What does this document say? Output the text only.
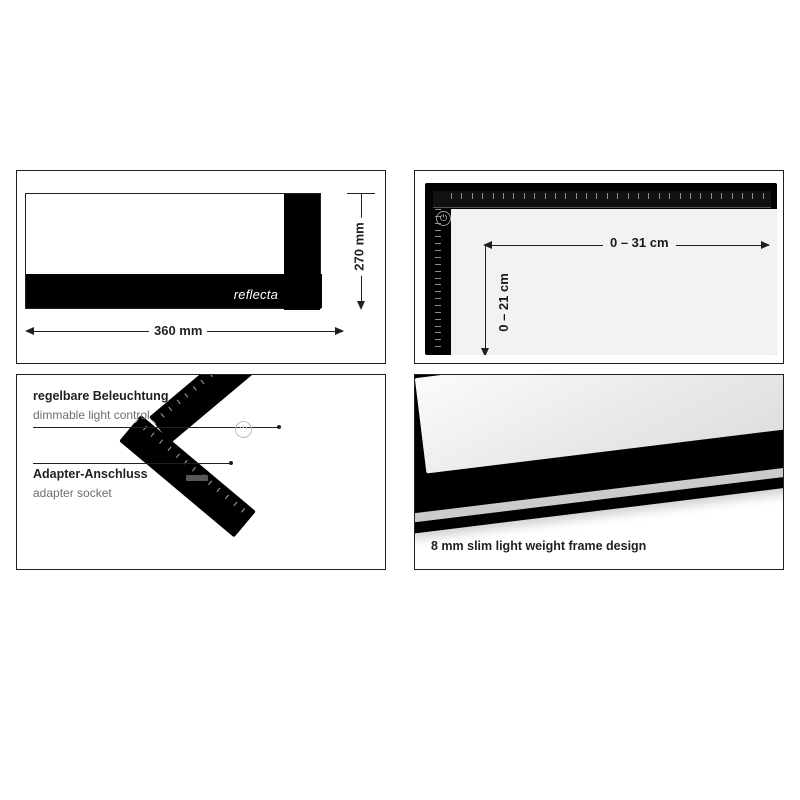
reflecta
360 mm
270 mm
⏻
0 – 31 cm
0 – 21 cm
⏻
regelbare Beleuchtung
dimmable light control
Adapter-Anschluss
adapter socket
reflecta
8 mm slim light weight frame design
